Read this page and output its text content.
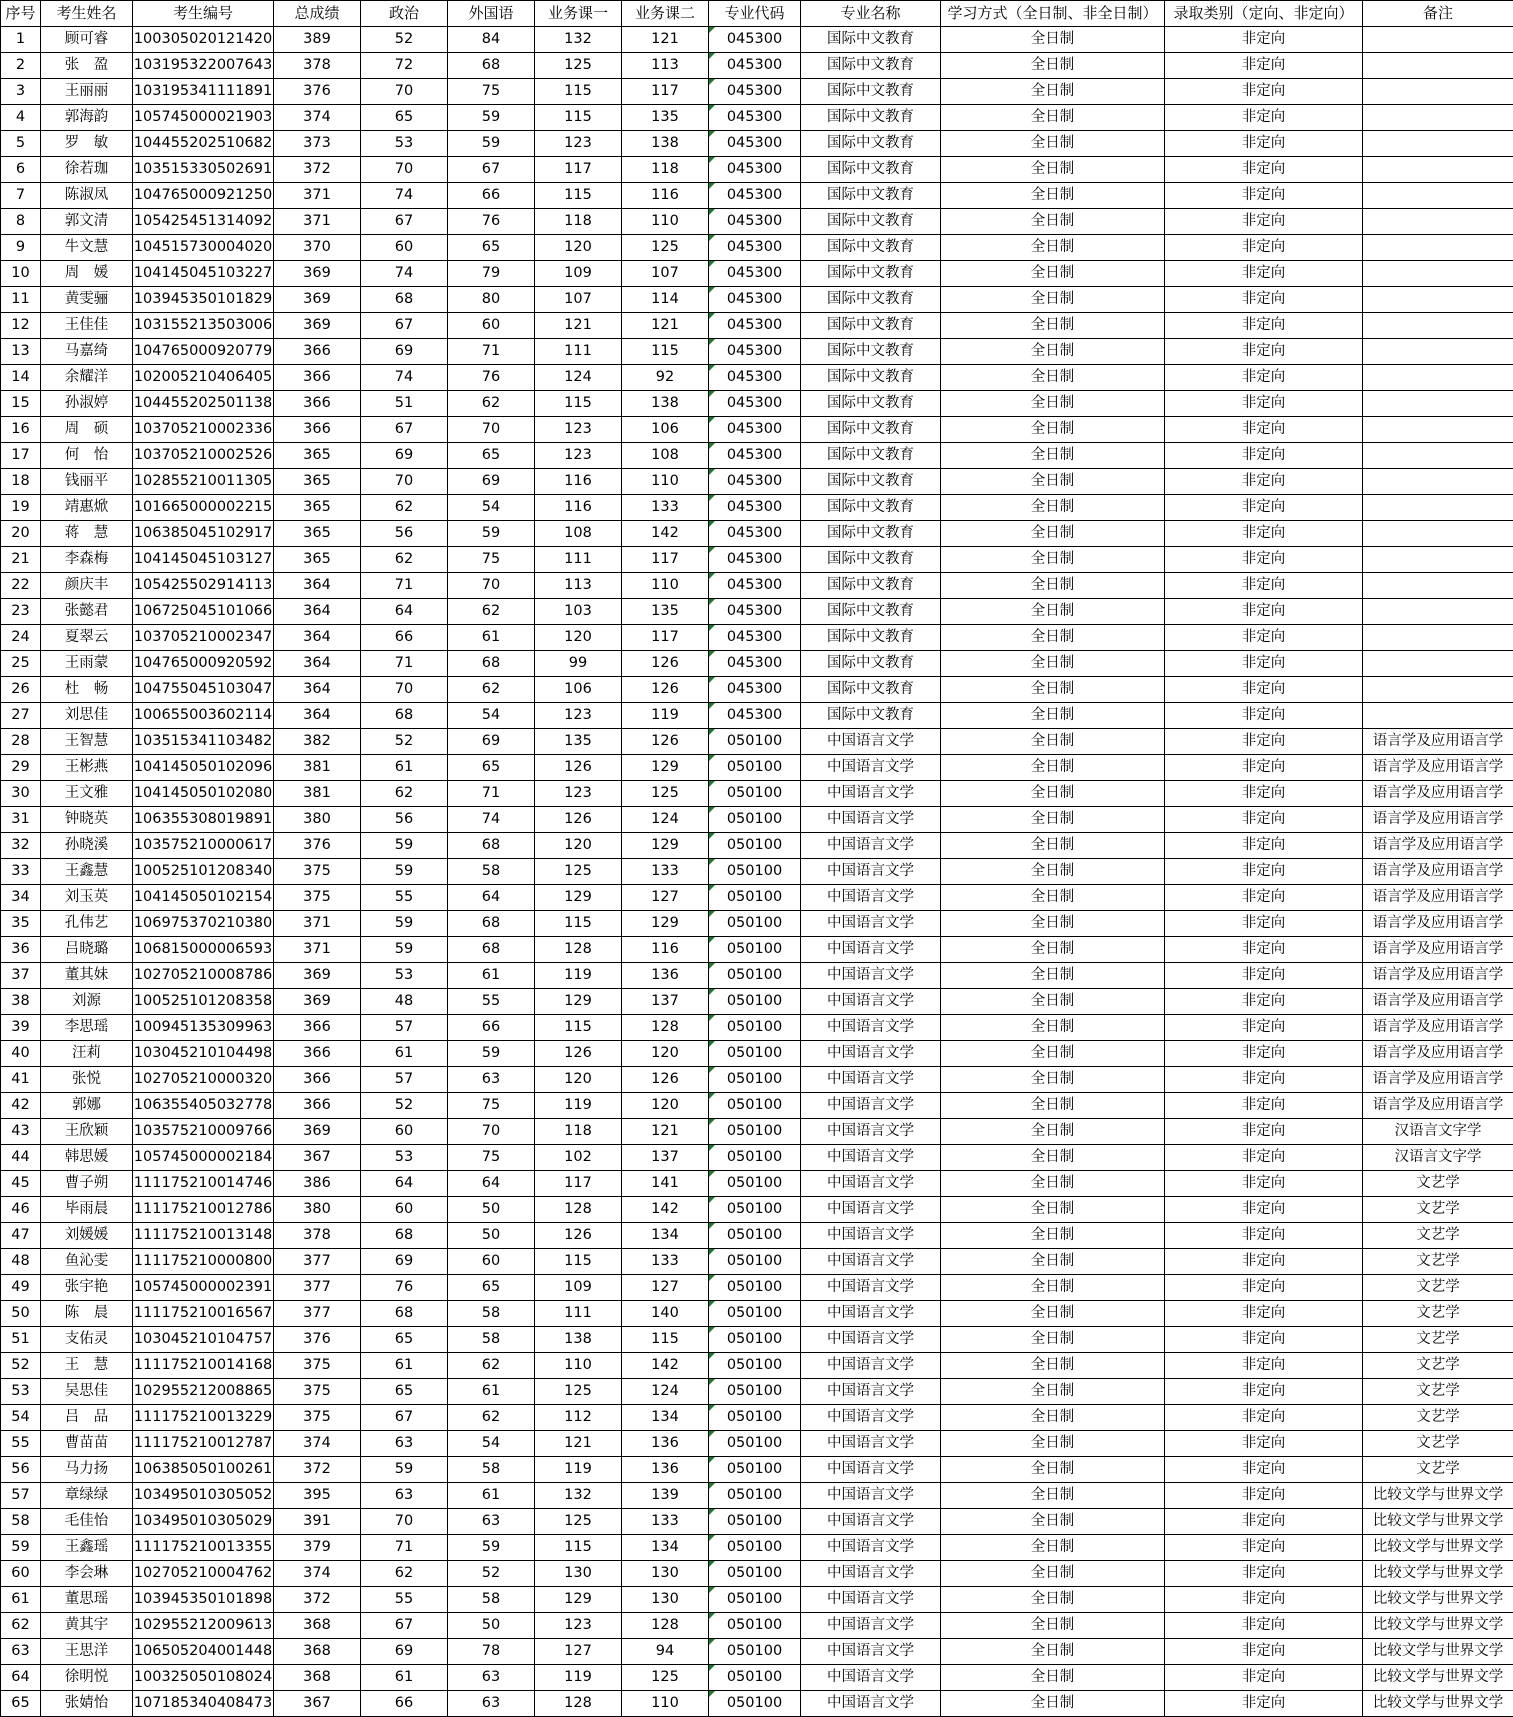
序号	考生姓名	考生编号	总成绩	政治	外国语	业务课一	业务课二	专业代码	专业名称	学习方式（全日制、非全日制）	录取类别（定向、非定向）	备注
1	顾可睿	100305020121420	389	52	84	132	121	045300	国际中文教育	全日制	非定向	
2	张　盈	103195322007643	378	72	68	125	113	045300	国际中文教育	全日制	非定向	
3	王丽丽	103195341111891	376	70	75	115	117	045300	国际中文教育	全日制	非定向	
4	郭海韵	105745000021903	374	65	59	115	135	045300	国际中文教育	全日制	非定向	
5	罗　敏	104455202510682	373	53	59	123	138	045300	国际中文教育	全日制	非定向	
6	徐若珈	103515330502691	372	70	67	117	118	045300	国际中文教育	全日制	非定向	
7	陈淑凤	104765000921250	371	74	66	115	116	045300	国际中文教育	全日制	非定向	
8	郭文清	105425451314092	371	67	76	118	110	045300	国际中文教育	全日制	非定向	
9	牛文慧	104515730004020	370	60	65	120	125	045300	国际中文教育	全日制	非定向	
10	周　媛	104145045103227	369	74	79	109	107	045300	国际中文教育	全日制	非定向	
11	黄雯骊	103945350101829	369	68	80	107	114	045300	国际中文教育	全日制	非定向	
12	王佳佳	103155213503006	369	67	60	121	121	045300	国际中文教育	全日制	非定向	
13	马嘉绮	104765000920779	366	69	71	111	115	045300	国际中文教育	全日制	非定向	
14	余耀洋	102005210406405	366	74	76	124	92	045300	国际中文教育	全日制	非定向	
15	孙淑婷	104455202501138	366	51	62	115	138	045300	国际中文教育	全日制	非定向	
16	周　硕	103705210002336	366	67	70	123	106	045300	国际中文教育	全日制	非定向	
17	何　怡	103705210002526	365	69	65	123	108	045300	国际中文教育	全日制	非定向	
18	钱丽平	102855210011305	365	70	69	116	110	045300	国际中文教育	全日制	非定向	
19	靖惠焮	101665000002215	365	62	54	116	133	045300	国际中文教育	全日制	非定向	
20	蒋　慧	106385045102917	365	56	59	108	142	045300	国际中文教育	全日制	非定向	
21	李森梅	104145045103127	365	62	75	111	117	045300	国际中文教育	全日制	非定向	
22	颜庆丰	105425502914113	364	71	70	113	110	045300	国际中文教育	全日制	非定向	
23	张懿君	106725045101066	364	64	62	103	135	045300	国际中文教育	全日制	非定向	
24	夏翠云	103705210002347	364	66	61	120	117	045300	国际中文教育	全日制	非定向	
25	王雨蒙	104765000920592	364	71	68	99	126	045300	国际中文教育	全日制	非定向	
26	杜　畅	104755045103047	364	70	62	106	126	045300	国际中文教育	全日制	非定向	
27	刘思佳	100655003602114	364	68	54	123	119	045300	国际中文教育	全日制	非定向	
28	王智慧	103515341103482	382	52	69	135	126	050100	中国语言文学	全日制	非定向	语言学及应用语言学
29	王彬燕	104145050102096	381	61	65	126	129	050100	中国语言文学	全日制	非定向	语言学及应用语言学
30	王文雅	104145050102080	381	62	71	123	125	050100	中国语言文学	全日制	非定向	语言学及应用语言学
31	钟晓英	106355308019891	380	56	74	126	124	050100	中国语言文学	全日制	非定向	语言学及应用语言学
32	孙晓溪	103575210000617	376	59	68	120	129	050100	中国语言文学	全日制	非定向	语言学及应用语言学
33	王鑫慧	100525101208340	375	59	58	125	133	050100	中国语言文学	全日制	非定向	语言学及应用语言学
34	刘玉英	104145050102154	375	55	64	129	127	050100	中国语言文学	全日制	非定向	语言学及应用语言学
35	孔伟艺	106975370210380	371	59	68	115	129	050100	中国语言文学	全日制	非定向	语言学及应用语言学
36	吕晓璐	106815000006593	371	59	68	128	116	050100	中国语言文学	全日制	非定向	语言学及应用语言学
37	董其妹	102705210008786	369	53	61	119	136	050100	中国语言文学	全日制	非定向	语言学及应用语言学
38	刘源	100525101208358	369	48	55	129	137	050100	中国语言文学	全日制	非定向	语言学及应用语言学
39	李思瑶	100945135309963	366	57	66	115	128	050100	中国语言文学	全日制	非定向	语言学及应用语言学
40	汪莉	103045210104498	366	61	59	126	120	050100	中国语言文学	全日制	非定向	语言学及应用语言学
41	张悦	102705210000320	366	57	63	120	126	050100	中国语言文学	全日制	非定向	语言学及应用语言学
42	郭娜	106355405032778	366	52	75	119	120	050100	中国语言文学	全日制	非定向	语言学及应用语言学
43	王欣颖	103575210009766	369	60	70	118	121	050100	中国语言文学	全日制	非定向	汉语言文字学
44	韩思媛	105745000002184	367	53	75	102	137	050100	中国语言文学	全日制	非定向	汉语言文字学
45	曹子朔	111175210014746	386	64	64	117	141	050100	中国语言文学	全日制	非定向	文艺学
46	毕雨晨	111175210012786	380	60	50	128	142	050100	中国语言文学	全日制	非定向	文艺学
47	刘媛媛	111175210013148	378	68	50	126	134	050100	中国语言文学	全日制	非定向	文艺学
48	鱼沁雯	111175210000800	377	69	60	115	133	050100	中国语言文学	全日制	非定向	文艺学
49	张宇艳	105745000002391	377	76	65	109	127	050100	中国语言文学	全日制	非定向	文艺学
50	陈　晨	111175210016567	377	68	58	111	140	050100	中国语言文学	全日制	非定向	文艺学
51	支佑灵	103045210104757	376	65	58	138	115	050100	中国语言文学	全日制	非定向	文艺学
52	王　慧	111175210014168	375	61	62	110	142	050100	中国语言文学	全日制	非定向	文艺学
53	吴思佳	102955212008865	375	65	61	125	124	050100	中国语言文学	全日制	非定向	文艺学
54	吕　品	111175210013229	375	67	62	112	134	050100	中国语言文学	全日制	非定向	文艺学
55	曹苗苗	111175210012787	374	63	54	121	136	050100	中国语言文学	全日制	非定向	文艺学
56	马力扬	106385050100261	372	59	58	119	136	050100	中国语言文学	全日制	非定向	文艺学
57	章绿绿	103495010305052	395	63	61	132	139	050100	中国语言文学	全日制	非定向	比较文学与世界文学
58	毛佳怡	103495010305029	391	70	63	125	133	050100	中国语言文学	全日制	非定向	比较文学与世界文学
59	王鑫瑶	111175210013355	379	71	59	115	134	050100	中国语言文学	全日制	非定向	比较文学与世界文学
60	李会琳	102705210004762	374	62	52	130	130	050100	中国语言文学	全日制	非定向	比较文学与世界文学
61	董思瑶	103945350101898	372	55	58	129	130	050100	中国语言文学	全日制	非定向	比较文学与世界文学
62	黄其宇	102955212009613	368	67	50	123	128	050100	中国语言文学	全日制	非定向	比较文学与世界文学
63	王思洋	106505204001448	368	69	78	127	94	050100	中国语言文学	全日制	非定向	比较文学与世界文学
64	徐明悦	100325050108024	368	61	63	119	125	050100	中国语言文学	全日制	非定向	比较文学与世界文学
65	张婧怡	107185340408473	367	66	63	128	110	050100	中国语言文学	全日制	非定向	比较文学与世界文学
